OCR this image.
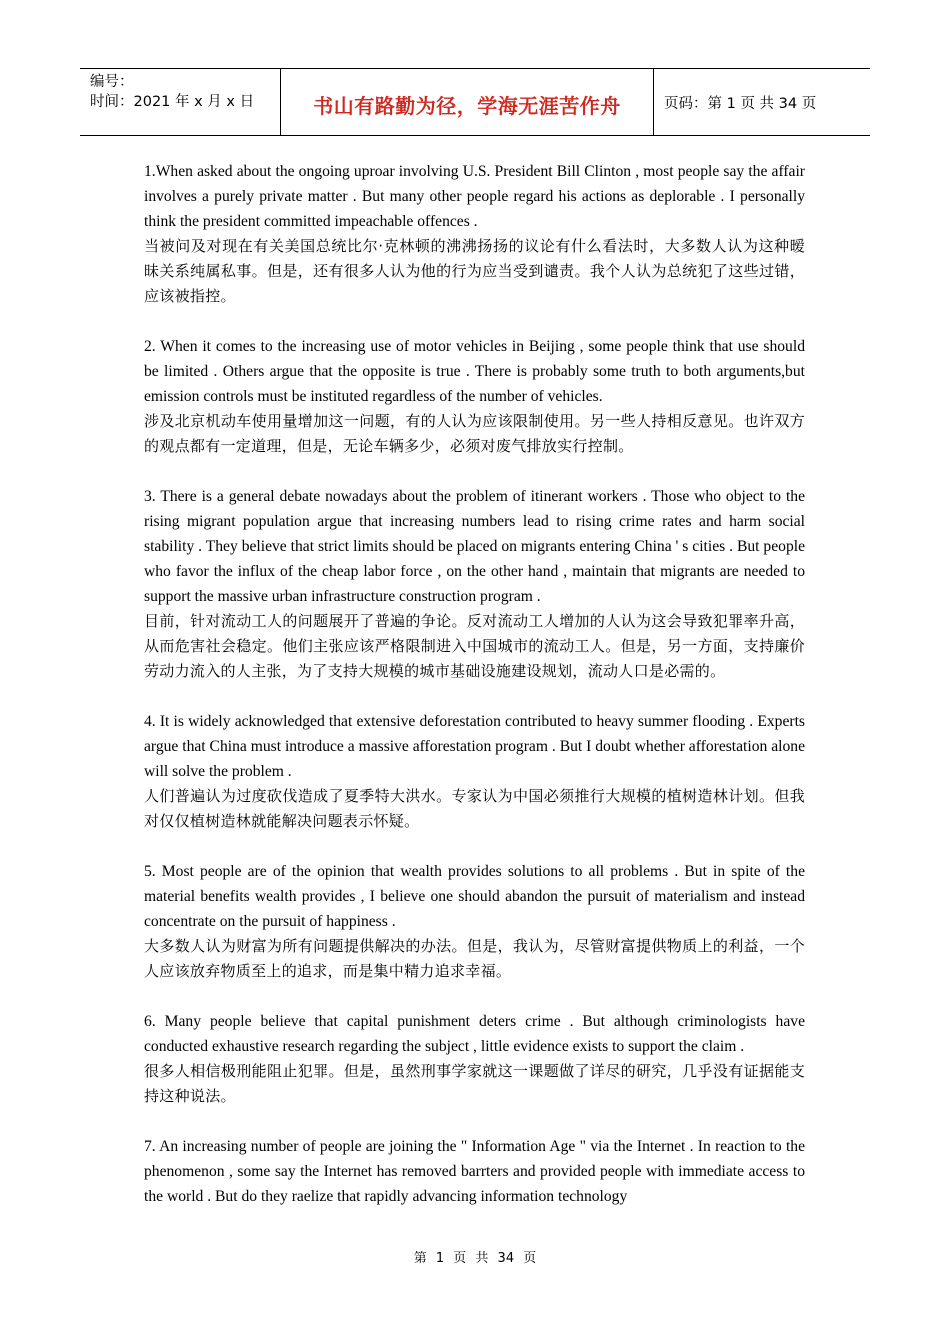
编号：
时间：2021 年 x 月 x 日	书山有路勤为径，学海无涯苦作舟	页码：第 1 页 共 34 页

1.When asked about the ongoing uproar involving U.S. President Bill Clinton , most people say the affair involves a purely private matter . But many other people regard his actions as deplorable . I personally think the president committed impeachable offences .

当被问及对现在有关美国总统比尔·克林顿的沸沸扬扬的议论有什么看法时，大多数人认为这种暧昧关系纯属私事。但是，还有很多人认为他的行为应当受到谴责。我个人认为总统犯了这些过错，应该被指控。

2. When it comes to the increasing use of motor vehicles in Beijing , some people think that use should be limited . Others argue that the opposite is true . There is probably some truth to both arguments,but emission controls must be instituted regardless of the number of vehicles.

涉及北京机动车使用量增加这一问题，有的人认为应该限制使用。另一些人持相反意见。也许双方的观点都有一定道理，但是，无论车辆多少，必须对废气排放实行控制。

3. There is a general debate nowadays about the problem of itinerant workers . Those who object to the rising migrant population argue that increasing numbers lead to rising crime rates and harm social stability . They believe that strict limits should be placed on migrants entering China ' s cities . But people who favor the influx of the cheap labor force , on the other hand , maintain that migrants are needed to support the massive urban infrastructure construction program .

目前，针对流动工人的问题展开了普遍的争论。反对流动工人增加的人认为这会导致犯罪率升高，从而危害社会稳定。他们主张应该严格限制进入中国城市的流动工人。但是，另一方面，支持廉价劳动力流入的人主张，为了支持大规模的城市基础设施建设规划，流动人口是必需的。

4. It is widely acknowledged that extensive deforestation contributed to heavy summer flooding . Experts argue that China must introduce a massive afforestation program . But I doubt whether afforestation alone will solve the problem .

人们普遍认为过度砍伐造成了夏季特大洪水。专家认为中国必须推行大规模的植树造林计划。但我对仅仅植树造林就能解决问题表示怀疑。

5. Most people are of the opinion that wealth provides solutions to all problems . But in spite of the material benefits wealth provides , I believe one should abandon the pursuit of materialism and instead concentrate on the pursuit of happiness .

大多数人认为财富为所有问题提供解决的办法。但是，我认为，尽管财富提供物质上的利益，一个人应该放弃物质至上的追求，而是集中精力追求幸福。

6. Many people believe that capital punishment deters crime . But although criminologists have conducted exhaustive research regarding the subject , little evidence exists to support the claim .

很多人相信极刑能阻止犯罪。但是，虽然刑事学家就这一课题做了详尽的研究，几乎没有证据能支持这种说法。

7. An increasing number of people are joining the " Information Age " via the Internet . In reaction to the phenomenon , some say the Internet has removed barrters and provided people with immediate access to the world . But do they raelize that rapidly advancing information technology

第 1 页 共 34 页
